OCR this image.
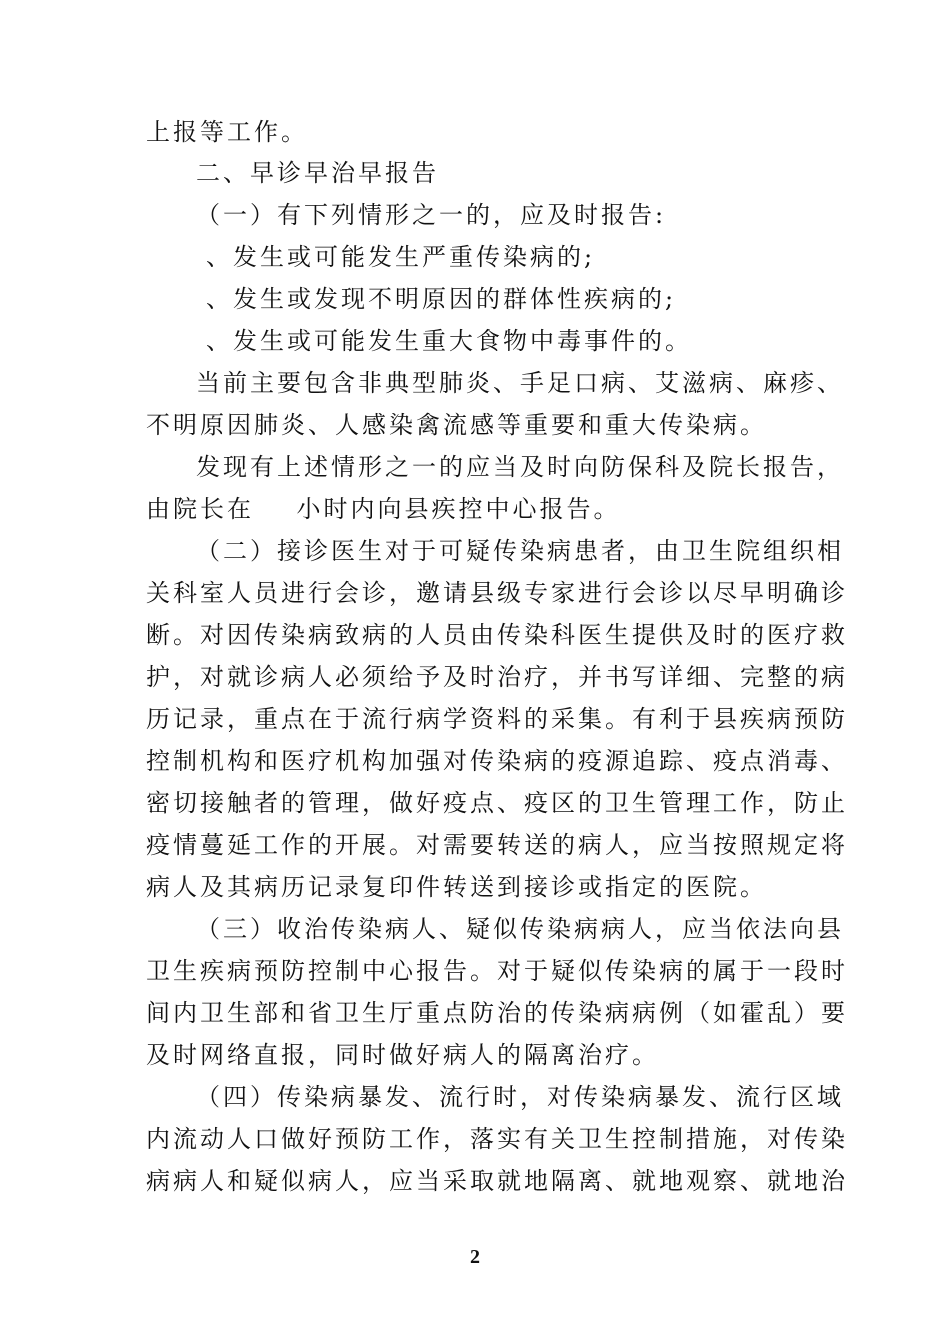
上报等工作。
二、早诊早治早报告
（一）有下列情形之一的，应及时报告:
、发生或可能发生严重传染病的;
、发生或发现不明原因的群体性疾病的;
、发生或可能发生重大食物中毒事件的。
当前主要包含非典型肺炎、手足口病、艾滋病、麻疹、
不明原因肺炎、人感染禽流感等重要和重大传染病。
发现有上述情形之一的应当及时向防保科及院长报告，
由院长在    小时内向县疾控中心报告。
（二）接诊医生对于可疑传染病患者，由卫生院组织相
关科室人员进行会诊，邀请县级专家进行会诊以尽早明确诊
断。对因传染病致病的人员由传染科医生提供及时的医疗救
护，对就诊病人必须给予及时治疗，并书写详细、完整的病
历记录，重点在于流行病学资料的采集。有利于县疾病预防
控制机构和医疗机构加强对传染病的疫源追踪、疫点消毒、
密切接触者的管理，做好疫点、疫区的卫生管理工作，防止
疫情蔓延工作的开展。对需要转送的病人，应当按照规定将
病人及其病历记录复印件转送到接诊或指定的医院。
（三）收治传染病人、疑似传染病病人，应当依法向县
卫生疾病预防控制中心报告。对于疑似传染病的属于一段时
间内卫生部和省卫生厅重点防治的传染病病例（如霍乱）要
及时网络直报，同时做好病人的隔离治疗。
（四）传染病暴发、流行时，对传染病暴发、流行区域
内流动人口做好预防工作，落实有关卫生控制措施，对传染
病病人和疑似病人，应当采取就地隔离、就地观察、就地治
2
